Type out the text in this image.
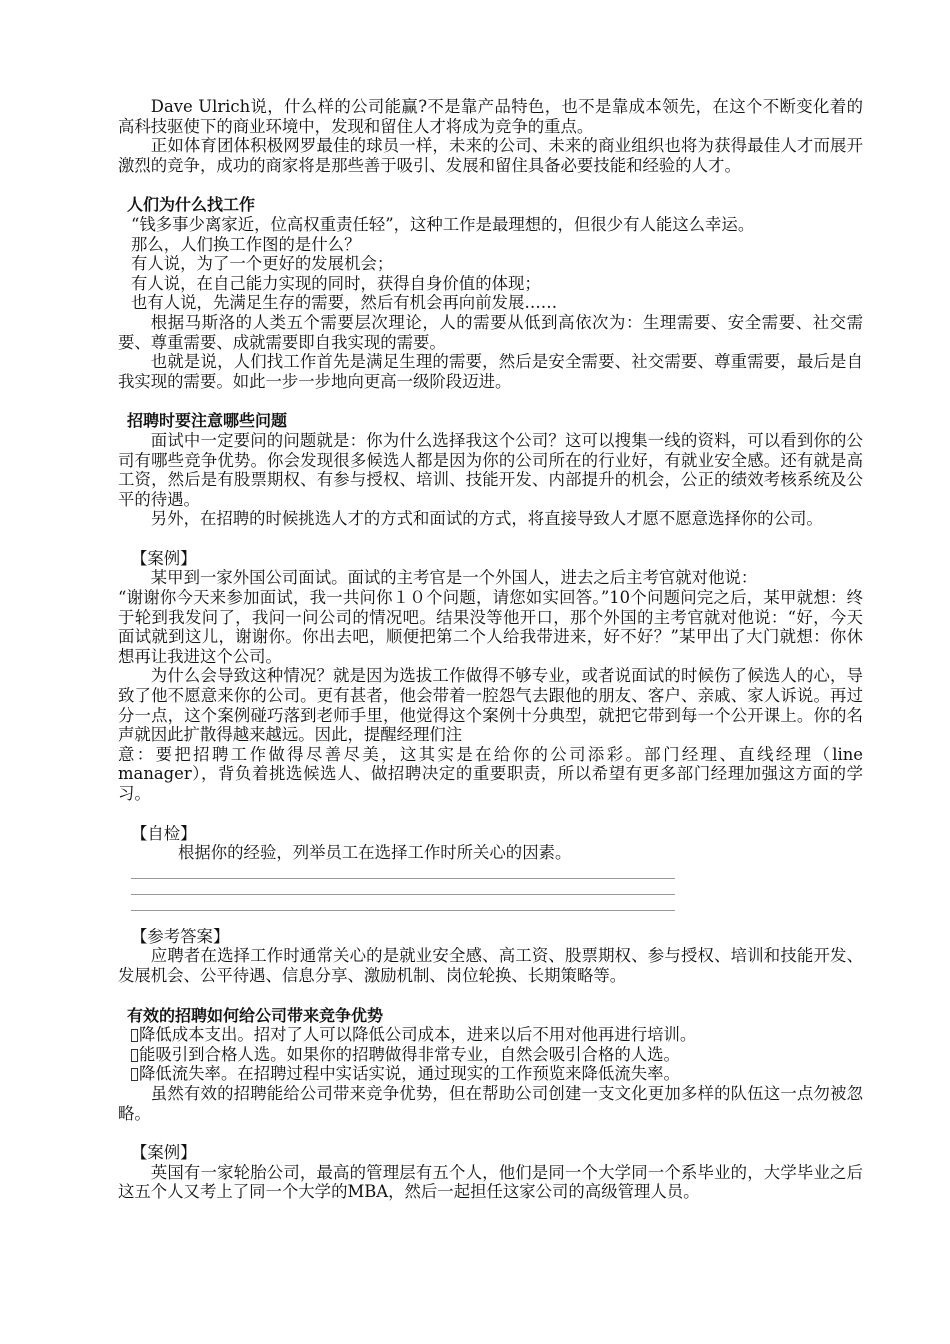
Dave Ulrich说，什么样的公司能赢?不是靠产品特色，也不是靠成本领先，在这个不断变化着的高科技驱使下的商业环境中，发现和留住人才将成为竞争的重点。

正如体育团体积极网罗最佳的球员一样，未来的公司、未来的商业组织也将为获得最佳人才而展开激烈的竞争，成功的商家将是那些善于吸引、发展和留住具备必要技能和经验的人才。

人们为什么找工作

“钱多事少离家近，位高权重责任轻”，这种工作是最理想的，但很少有人能这么幸运。

那么，人们换工作图的是什么？

有人说，为了一个更好的发展机会；

有人说，在自己能力实现的同时，获得自身价值的体现；

也有人说，先满足生存的需要，然后有机会再向前发展……

根据马斯洛的人类五个需要层次理论，人的需要从低到高依次为：生理需要、安全需要、社交需要、尊重需要、成就需要即自我实现的需要。

也就是说，人们找工作首先是满足生理的需要，然后是安全需要、社交需要、尊重需要，最后是自我实现的需要。如此一步一步地向更高一级阶段迈进。

招聘时要注意哪些问题

面试中一定要问的问题就是：你为什么选择我这个公司？这可以搜集一线的资料，可以看到你的公司有哪些竞争优势。你会发现很多候选人都是因为你的公司所在的行业好，有就业安全感。还有就是高工资，然后是有股票期权、有参与授权、培训、技能开发、内部提升的机会，公正的绩效考核系统及公平的待遇。

另外，在招聘的时候挑选人才的方式和面试的方式，将直接导致人才愿不愿意选择你的公司。

【案例】

某甲到一家外国公司面试。面试的主考官是一个外国人，进去之后主考官就对他说：

“谢谢你今天来参加面试，我一共问你１０个问题，请您如实回答。”10个问题问完之后，某甲就想：终于轮到我发问了，我问一问公司的情况吧。结果没等他开口，那个外国的主考官就对他说：“好，今天面试就到这儿，谢谢你。你出去吧，顺便把第二个人给我带进来，好不好？”某甲出了大门就想：你休想再让我进这个公司。

为什么会导致这种情况？就是因为选拔工作做得不够专业，或者说面试的时候伤了候选人的心，导致了他不愿意来你的公司。更有甚者，他会带着一腔怨气去跟他的朋友、客户、亲戚、家人诉说。再过分一点，这个案例碰巧落到老师手里，他觉得这个案例十分典型，就把它带到每一个公开课上。你的名声就因此扩散得越来越远。因此，提醒经理们注

意：要把招聘工作做得尽善尽美，这其实是在给你的公司添彩。部门经理、直线经理（line manager），背负着挑选候选人、做招聘决定的重要职责，所以希望有更多部门经理加强这方面的学习。

【自检】

根据你的经验，列举员工在选择工作时所关心的因素。

【参考答案】

应聘者在选择工作时通常关心的是就业安全感、高工资、股票期权、参与授权、培训和技能开发、发展机会、公平待遇、信息分享、激励机制、岗位轮换、长期策略等。

有效的招聘如何给公司带来竞争优势

降低成本支出。招对了人可以降低公司成本，进来以后不用对他再进行培训。

能吸引到合格人选。如果你的招聘做得非常专业，自然会吸引合格的人选。

降低流失率。在招聘过程中实话实说，通过现实的工作预览来降低流失率。

虽然有效的招聘能给公司带来竞争优势，但在帮助公司创建一支文化更加多样的队伍这一点勿被忽略。

【案例】

英国有一家轮胎公司，最高的管理层有五个人，他们是同一个大学同一个系毕业的，大学毕业之后这五个人又考上了同一个大学的MBA，然后一起担任这家公司的高级管理人员。
